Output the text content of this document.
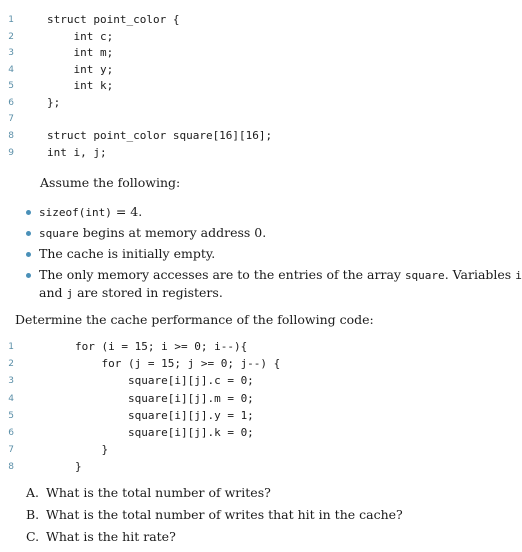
1	struct point_color {
2	int c;
3	int m;
4	int y;
5	int k;
6	};
7
8	struct point_color square[16][16];
9	int i, j;
Assume the following:
sizeof(int) = 4.
square begins at memory address 0.
The cache is initially empty.
The only memory accesses are to the entries of the array square. Variables i
and j are stored in registers.
Determine the cache performance of the following code:
1	for (i = 15; i >= 0; i--){
2	for (j = 15; j >= 0; j--) {
3	square[i][j].c = 0;
4	square[i][j].m = 0;
5	square[i][j].y = 1;
6	square[i][j].k = 0;
7	}
8	}
A. What is the total number of writes?
B. What is the total number of writes that hit in the cache?
C. What is the hit rate?
